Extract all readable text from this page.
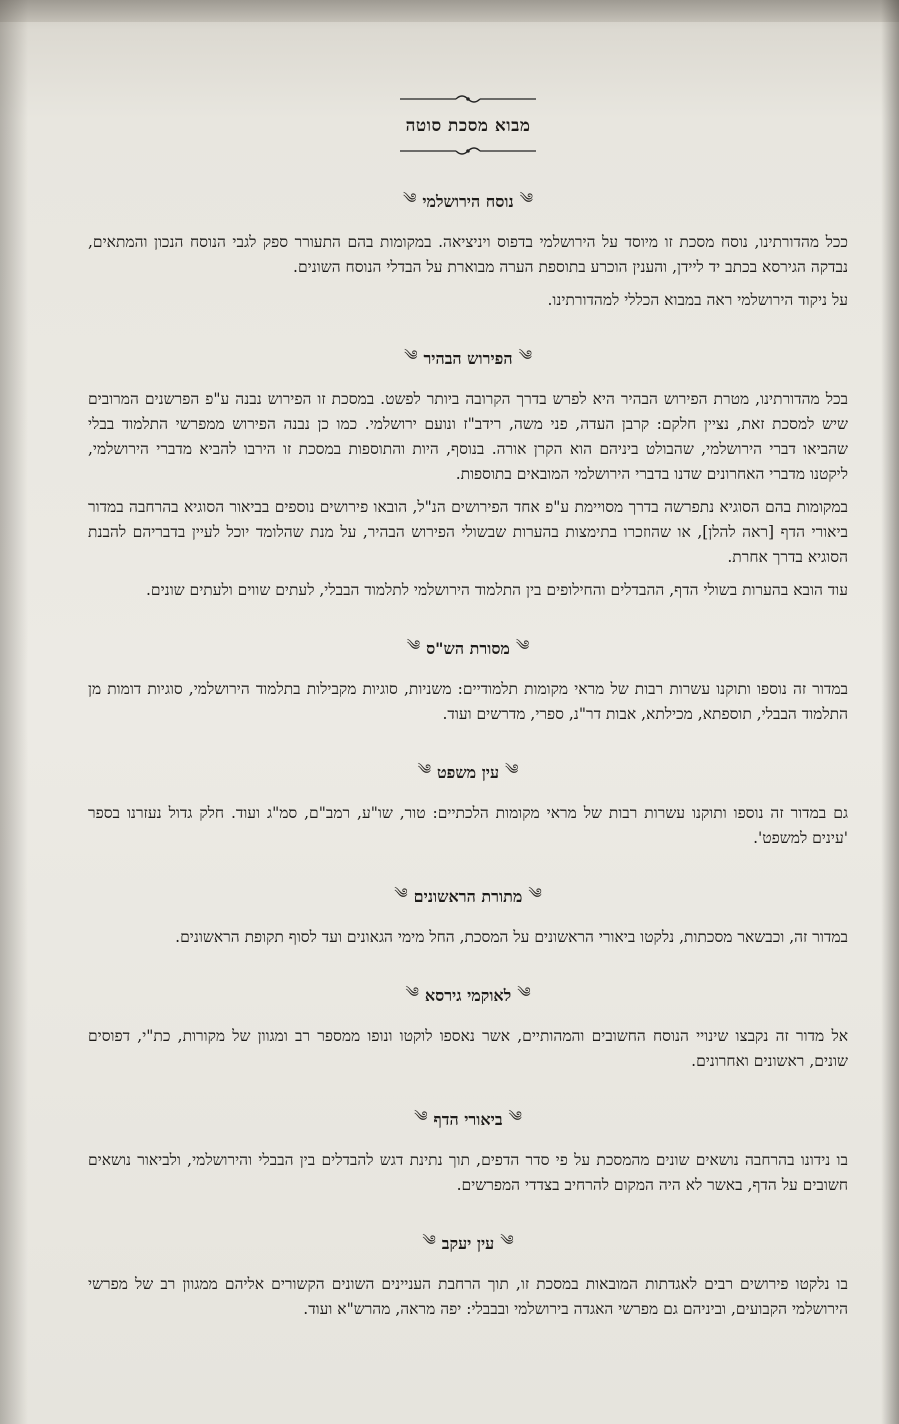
מבוא מסכת סוטה
༄
נוסח הירושלמי
༄

ככל מהדורתינו, נוסח מסכת זו מיוסד על הירושלמי בדפוס ויניציאה. במקומות בהם התעורר ספק לגבי הנוסח הנכון והמתאים, נבדקה הגירסא בכתב יד ליידן, והענין הוכרע בתוספת הערה מבוארת על הבדלי הנוסח השונים.

על ניקוד הירושלמי ראה במבוא הכללי למהדורתינו.

༄
הפירוש הבהיר
༄

בכל מהדורתינו, מטרת הפירוש הבהיר היא לפרש בדרך הקרובה ביותר לפשט. במסכת זו הפירוש נבנה ע"פ הפרשנים המרובים שיש למסכת זאת, נציין חלקם: קרבן העדה, פני משה, רידב"ז ונועם ירושלמי. כמו כן נבנה הפירוש ממפרשי התלמוד בבלי שהביאו דברי הירושלמי, שהבולט ביניהם הוא הקרן אורה. בנוסף, היות והתוספות במסכת זו הירבו להביא מדברי הירושלמי, ליקטנו מדברי האחרונים שדנו בדברי הירושלמי המובאים בתוספות.

במקומות בהם הסוגיא נתפרשה בדרך מסויימת ע"פ אחד הפירושים הנ"ל, הובאו פירושים נוספים בביאור הסוגיא בהרחבה במדור ביאורי הדף [ראה להלן], או שהוזכרו בתימצות בהערות שבשולי הפירוש הבהיר, על מנת שהלומד יוכל לעיין בדבריהם להבנת הסוגיא בדרך אחרת.

עוד הובא בהערות בשולי הדף, ההבדלים והחילופים בין התלמוד הירושלמי לתלמוד הבבלי, לעתים שווים ולעתים שונים.

༄
מסורת הש"ס
༄

במדור זה נוספו ותוקנו עשרות רבות של מראי מקומות תלמודיים: משניות, סוגיות מקבילות בתלמוד הירושלמי, סוגיות דומות מן התלמוד הבבלי, תוספתא, מכילתא, אבות דר"נ, ספרי, מדרשים ועוד.

༄
עין משפט
༄

גם במדור זה נוספו ותוקנו עשרות רבות של מראי מקומות הלכתיים: טור, שו"ע, רמב"ם, סמ"ג ועוד. חלק גדול נעזרנו בספר 'עינים למשפט'.

༄
מתורת הראשונים
༄

במדור זה, וכבשאר מסכתות, נלקטו ביאורי הראשונים על המסכת, החל מימי הגאונים ועד לסוף תקופת הראשונים.

༄
לאוקמי גירסא
༄

אל מדור זה נקבצו שינויי הנוסח החשובים והמהותיים, אשר נאספו לוקטו ונופו ממספר רב ומגוון של מקורות, כת"י, דפוסים שונים, ראשונים ואחרונים.

༄
ביאורי הדף
༄

בו נידונו בהרחבה נושאים שונים מהמסכת על פי סדר הדפים, תוך נתינת דגש להבדלים בין הבבלי והירושלמי, ולביאור נושאים חשובים על הדף, באשר לא היה המקום להרחיב בצדדי המפרשים.

༄
עין יעקב
༄

בו נלקטו פירושים רבים לאגדתות המובאות במסכת זו, תוך הרחבת העניינים השונים הקשורים אליהם ממגוון רב של מפרשי הירושלמי הקבועים, וביניהם גם מפרשי האגדה בירושלמי ובבבלי: יפה מראה, מהרש"א ועוד.
